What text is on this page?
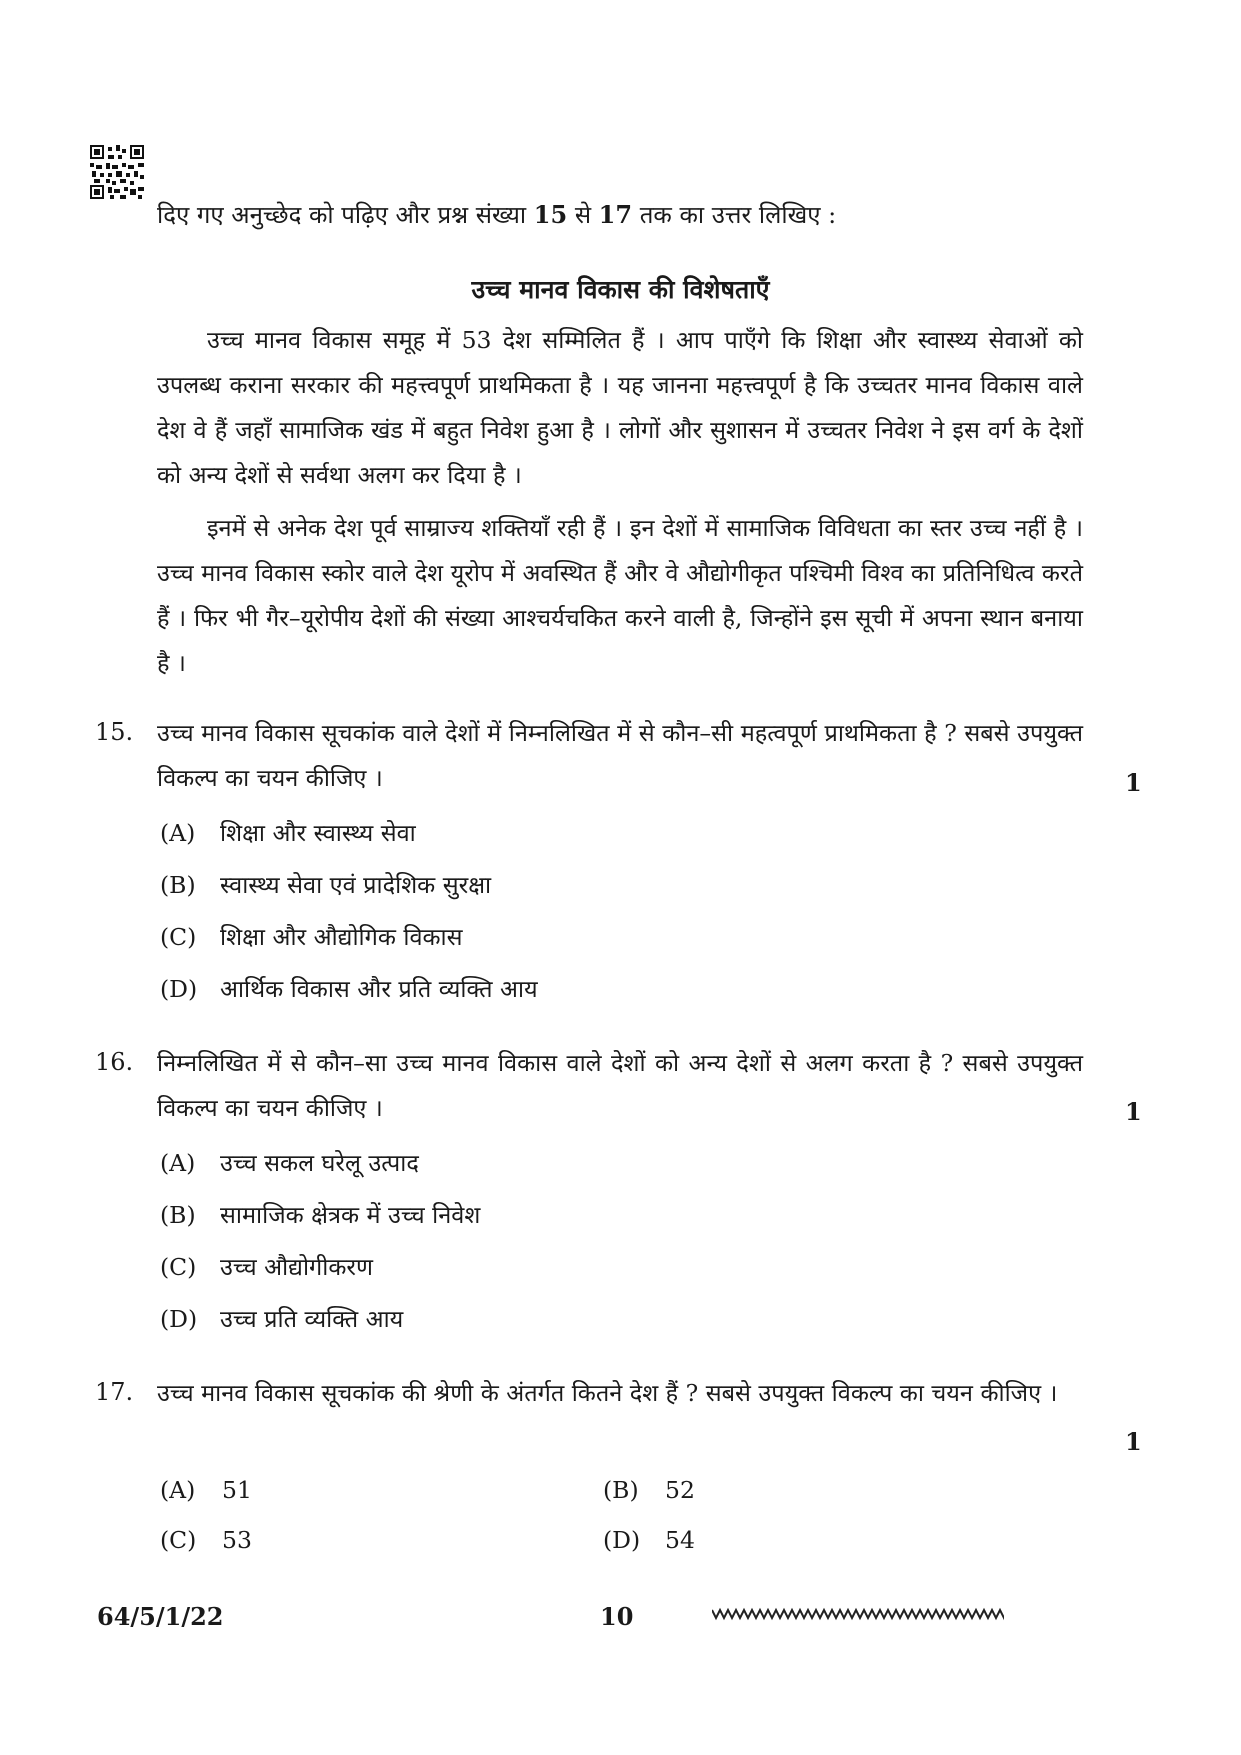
दिए गए अनुच्छेद को पढ़िए और प्रश्न संख्या 15 से 17 तक का उत्तर लिखिए :
उच्च मानव विकास की विशेषताएँ

उच्च मानव विकास समूह में 53 देश सम्मिलित हैं । आप पाएँगे कि शिक्षा और स्वास्थ्य सेवाओं को उपलब्ध कराना सरकार की महत्त्वपूर्ण प्राथमिकता है । यह जानना महत्त्वपूर्ण है कि उच्चतर मानव विकास वाले देश वे हैं जहाँ सामाजिक खंड में बहुत निवेश हुआ है । लोगों और सुशासन में उच्चतर निवेश ने इस वर्ग के देशों को अन्य देशों से सर्वथा अलग कर दिया है ।

इनमें से अनेक देश पूर्व साम्राज्य शक्तियाँ रही हैं । इन देशों में सामाजिक विविधता का स्तर उच्च नहीं है । उच्च मानव विकास स्कोर वाले देश यूरोप में अवस्थित हैं और वे औद्योगीकृत पश्चिमी विश्व का प्रतिनिधित्व करते हैं । फिर भी गैर–यूरोपीय देशों की संख्या आश्चर्यचकित करने वाली है, जिन्होंने इस सूची में अपना स्थान बनाया है ।

15. उच्च मानव विकास सूचकांक वाले देशों में निम्नलिखित में से कौन–सी महत्वपूर्ण प्राथमिकता है ? सबसे उपयुक्त विकल्प का चयन कीजिए ।	1
(A) शिक्षा और स्वास्थ्य सेवा
(B) स्वास्थ्य सेवा एवं प्रादेशिक सुरक्षा
(C) शिक्षा और औद्योगिक विकास
(D) आर्थिक विकास और प्रति व्यक्ति आय
16. निम्नलिखित में से कौन–सा उच्च मानव विकास वाले देशों को अन्य देशों से अलग करता है ? सबसे उपयुक्त विकल्प का चयन कीजिए ।	1
(A) उच्च सकल घरेलू उत्पाद
(B) सामाजिक क्षेत्रक में उच्च निवेश
(C) उच्च औद्योगीकरण
(D) उच्च प्रति व्यक्ति आय
17. उच्च मानव विकास सूचकांक की श्रेणी के अंतर्गत कितने देश हैं ? सबसे उपयुक्त विकल्प का चयन कीजिए ।
1
(A) 51	(B) 52
(C) 53	(D) 54
64/5/1/22	10
